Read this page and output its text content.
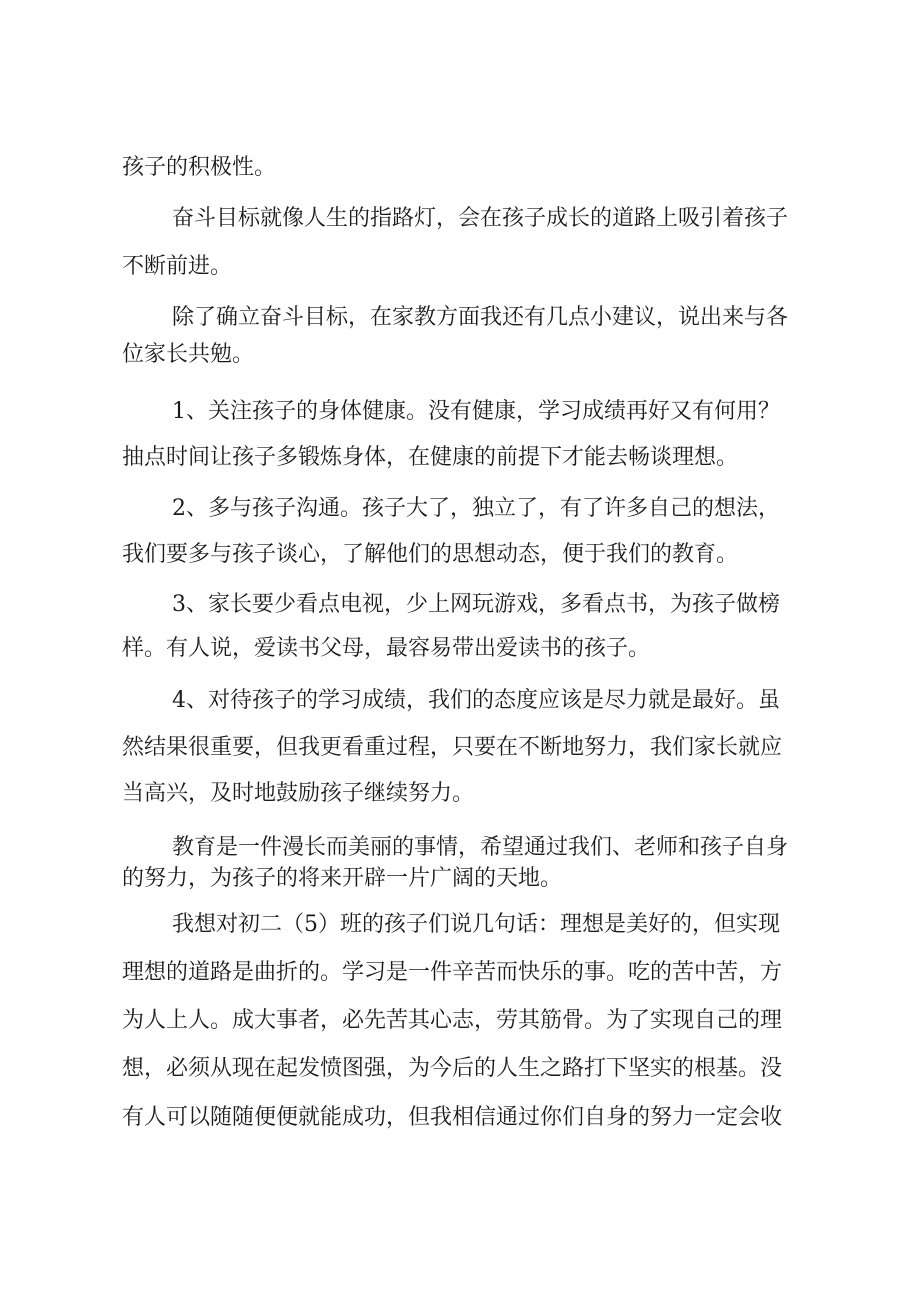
孩子的积极性。

奋斗目标就像人生的指路灯，会在孩子成长的道路上吸引着孩子

不断前进。

除了确立奋斗目标，在家教方面我还有几点小建议，说出来与各

位家长共勉。

1、关注孩子的身体健康。没有健康，学习成绩再好又有何用？

抽点时间让孩子多锻炼身体，在健康的前提下才能去畅谈理想。

2、多与孩子沟通。孩子大了，独立了，有了许多自己的想法，

我们要多与孩子谈心，了解他们的思想动态，便于我们的教育。

3、家长要少看点电视，少上网玩游戏，多看点书，为孩子做榜

样。有人说，爱读书父母，最容易带出爱读书的孩子。

4、对待孩子的学习成绩，我们的态度应该是尽力就是最好。虽

然结果很重要，但我更看重过程，只要在不断地努力，我们家长就应

当高兴，及时地鼓励孩子继续努力。

教育是一件漫长而美丽的事情，希望通过我们、老师和孩子自身

的努力，为孩子的将来开辟一片广阔的天地。

我想对初二（5）班的孩子们说几句话：理想是美好的，但实现

理想的道路是曲折的。学习是一件辛苦而快乐的事。吃的苦中苦，方

为人上人。成大事者，必先苦其心志，劳其筋骨。为了实现自己的理

想，必须从现在起发愤图强，为今后的人生之路打下坚实的根基。没

有人可以随随便便就能成功，但我相信通过你们自身的努力一定会收
